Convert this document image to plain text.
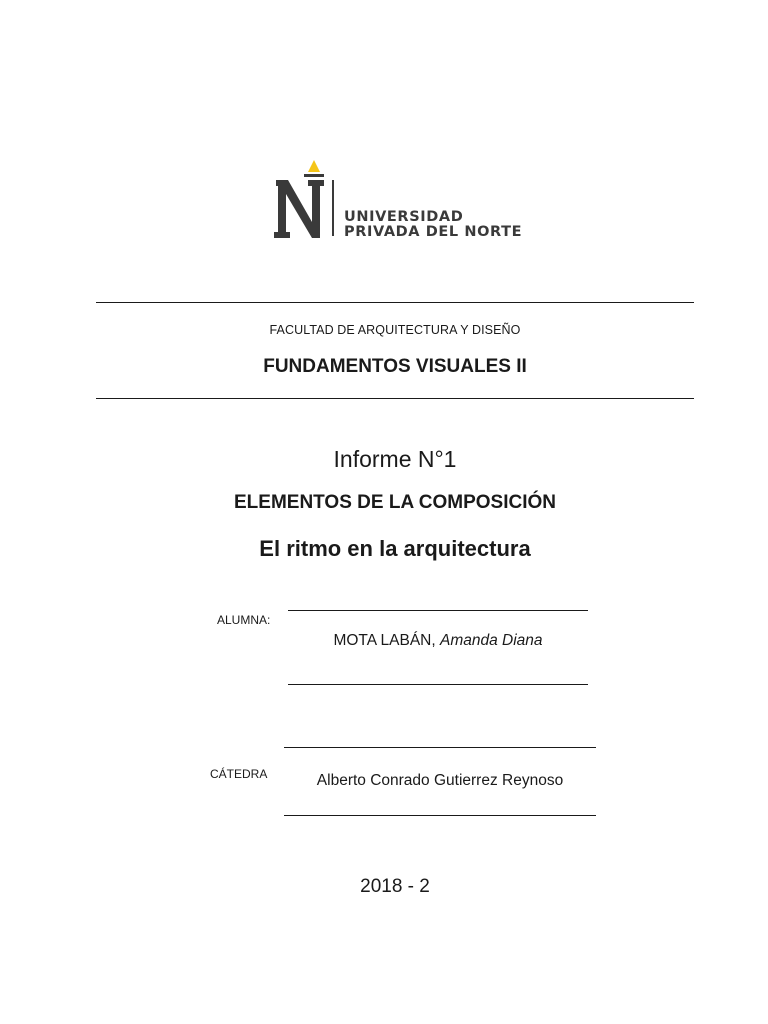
UNIVERSIDAD
PRIVADA DEL NORTE
FACULTAD DE ARQUITECTURA Y DISEÑO
FUNDAMENTOS VISUALES II
Informe N°1
ELEMENTOS DE LA COMPOSICIÓN
El ritmo en la arquitectura
ALUMNA:
MOTA LABÁN, Amanda Diana
CÁTEDRA	Alberto Conrado Gutierrez Reynoso
2018 - 2
